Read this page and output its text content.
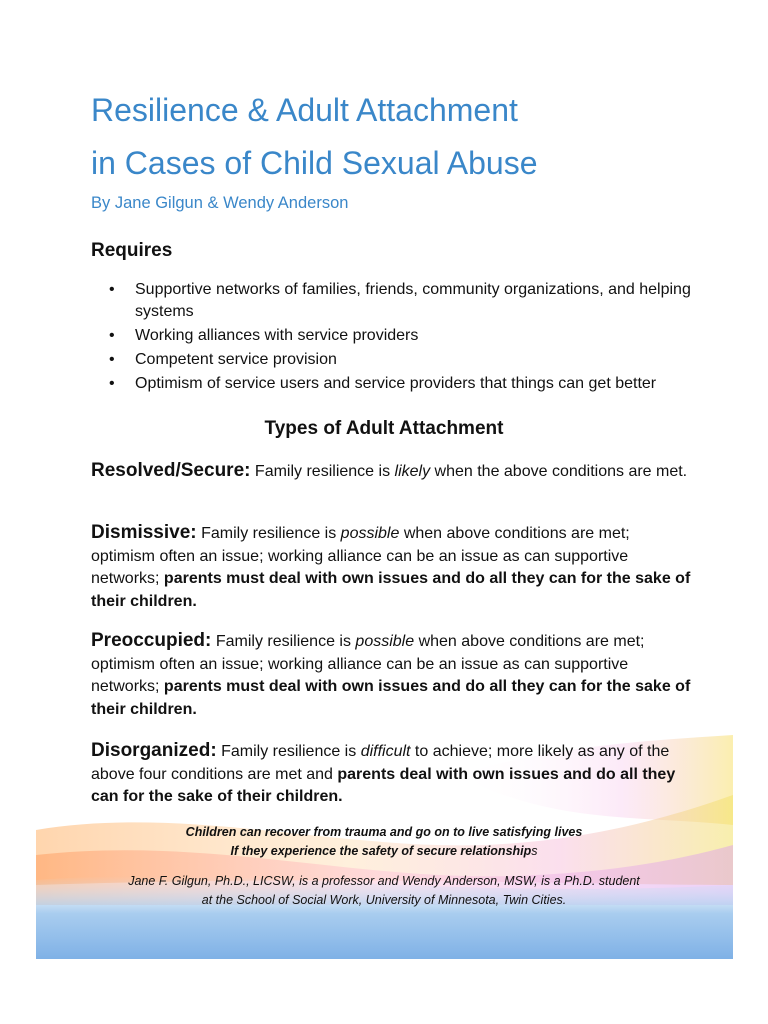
Resilience & Adult Attachment
in Cases of Child Sexual Abuse
By Jane Gilgun & Wendy Anderson
Requires
• Supportive networks of families, friends, community organizations, and helping systems
• Working alliances with service providers
• Competent service provision
• Optimism of service users and service providers that things can get better
Types of Adult Attachment
Resolved/Secure: Family resilience is likely when the above conditions are met.
Dismissive: Family resilience is possible when above conditions are met; optimism often an issue; working alliance can be an issue as can supportive networks; parents must deal with own issues and do all they can for the sake of their children.
Preoccupied: Family resilience is possible when above conditions are met; optimism often an issue; working alliance can be an issue as can supportive networks; parents must deal with own issues and do all they can for the sake of their children.
Disorganized: Family resilience is difficult to achieve; more likely as any of the above four conditions are met and parents deal with own issues and do all they can for the sake of their children.
Children can recover from trauma and go on to live satisfying lives
If they experience the safety of secure relationships
Jane F. Gilgun, Ph.D., LICSW, is a professor and Wendy Anderson, MSW, is a Ph.D. student
at the School of Social Work, University of Minnesota, Twin Cities.
